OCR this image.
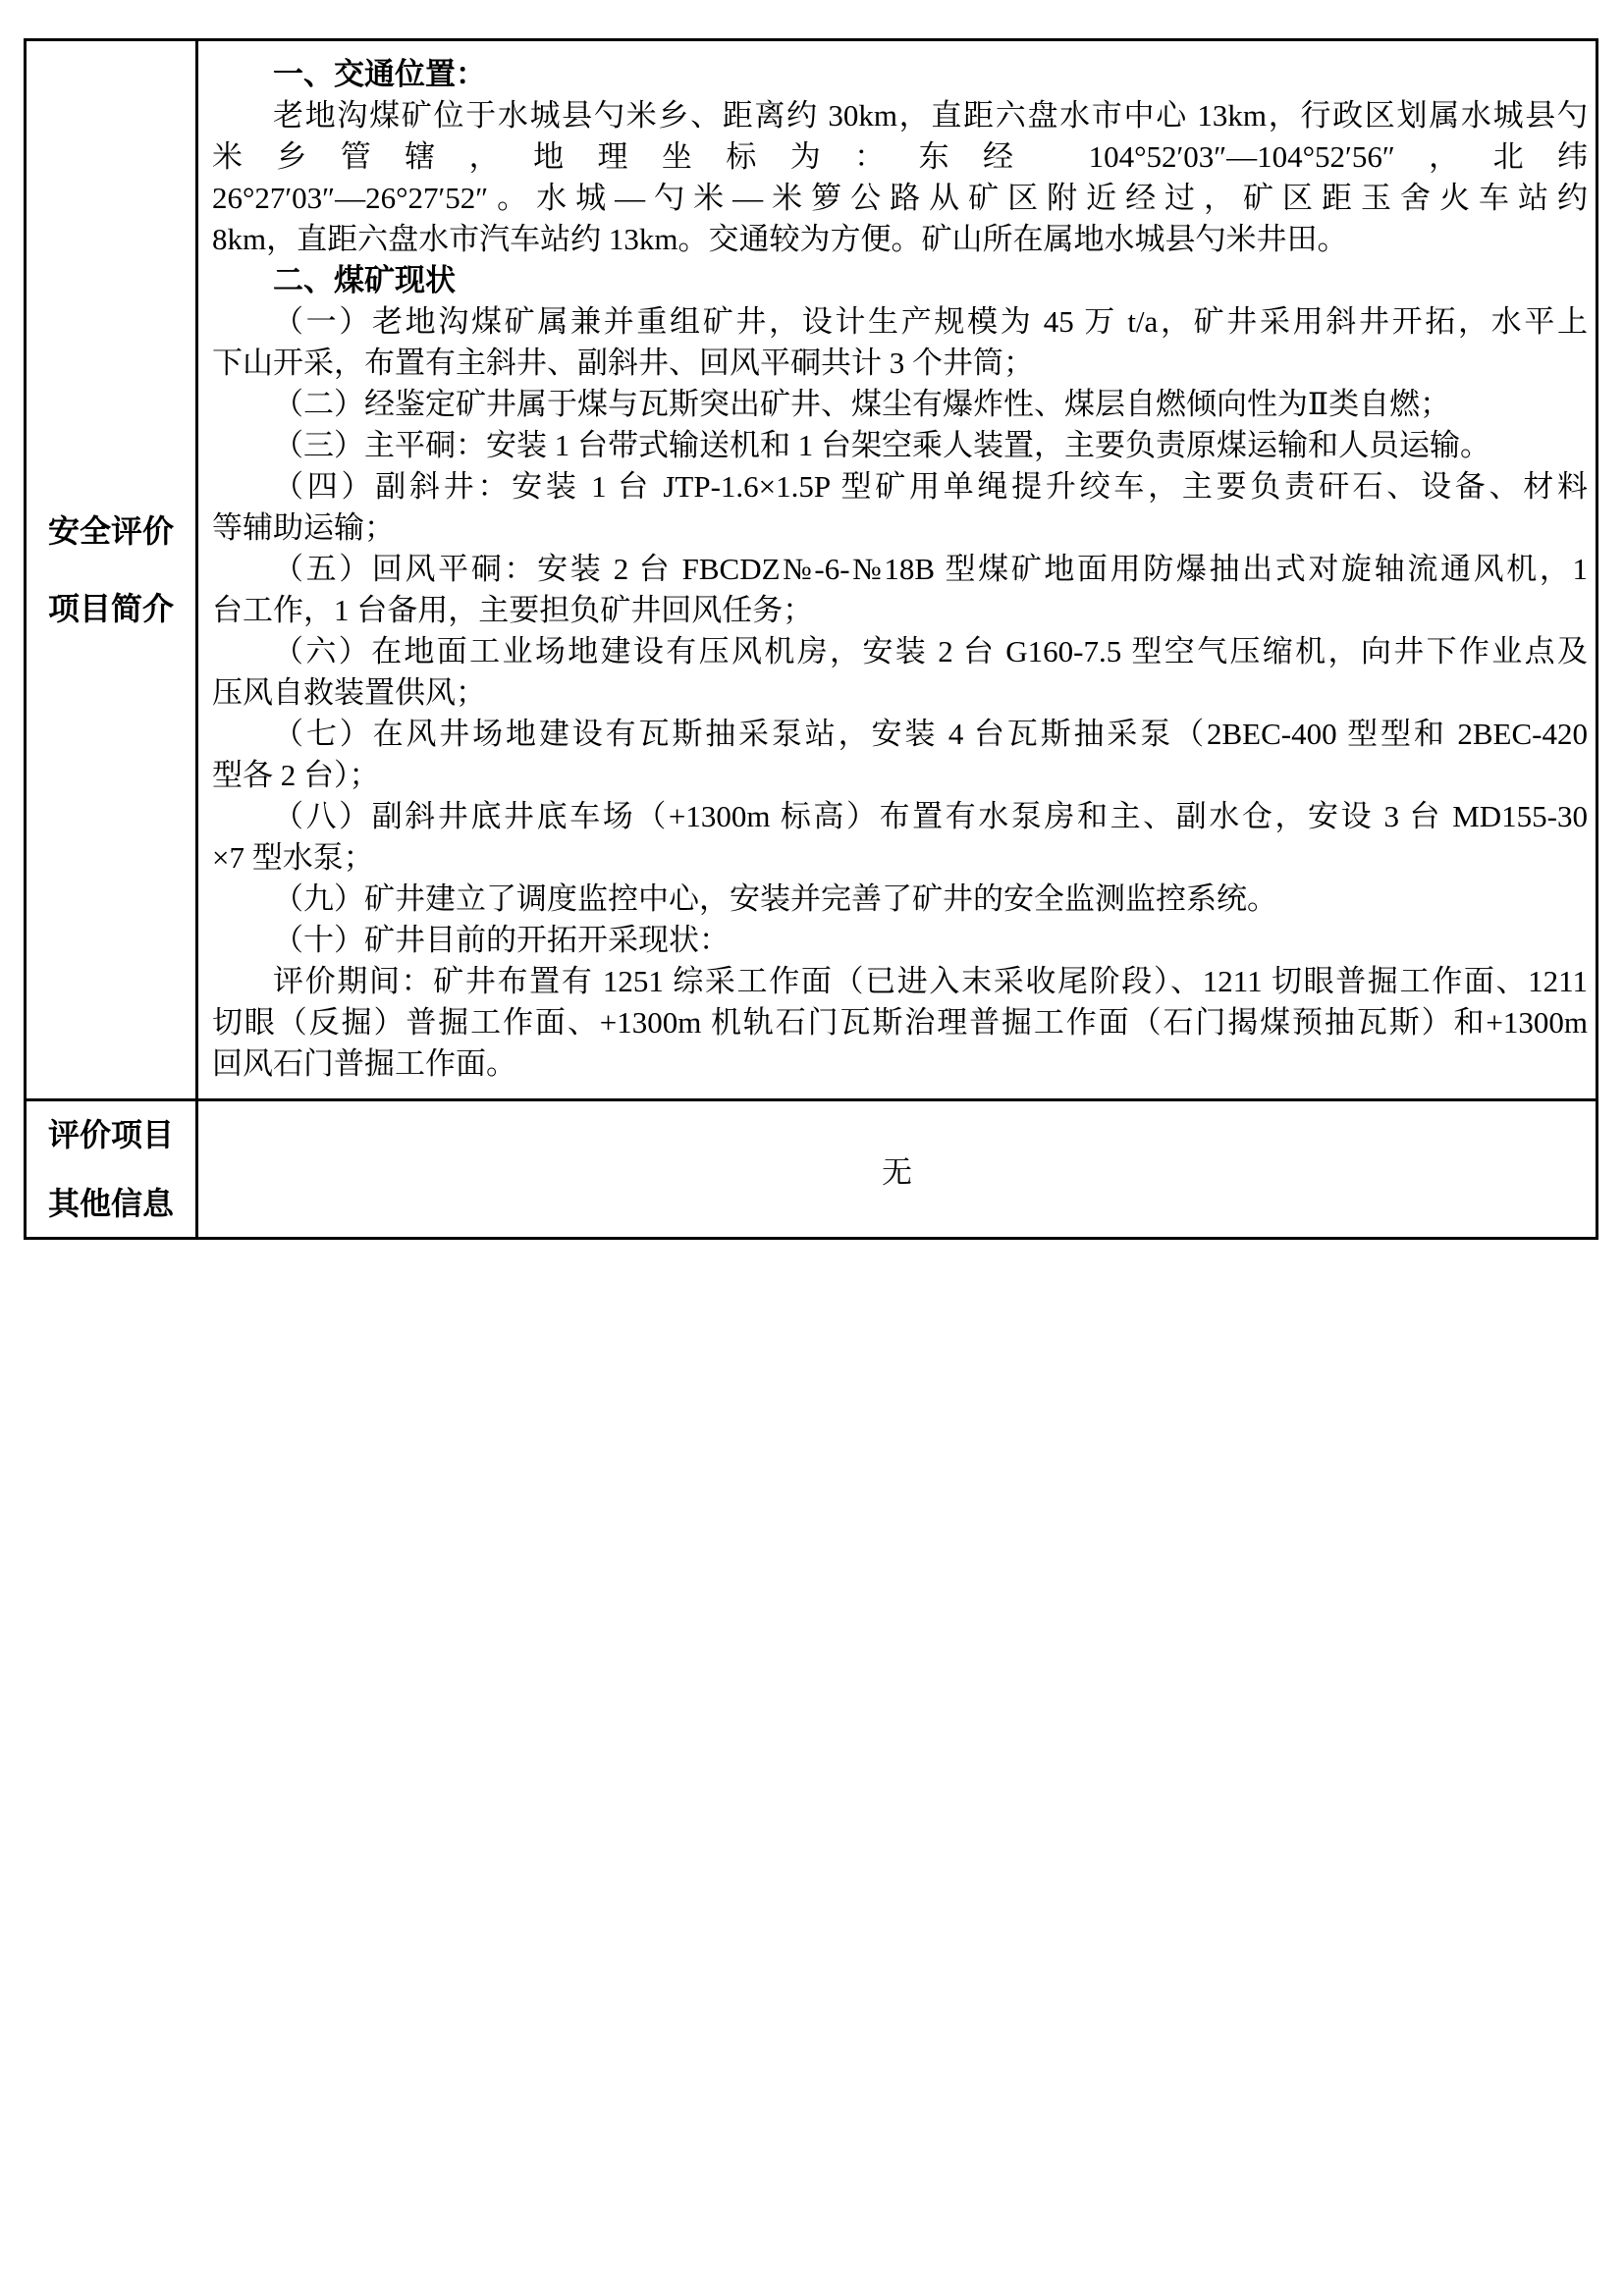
安全评价
项目简介
一、交通位置：
老地沟煤矿位于水城县勺米乡、距离约 30km，直距六盘水市中心 13km，行政区划属水城县勺
米乡管辖，地理坐标为：东经 104°52′03″—104°52′56″，北纬
26°27′03″—26°27′52″。水城—勺米—米箩公路从矿区附近经过，矿区距玉舍火车站约
8km，直距六盘水市汽车站约 13km。交通较为方便。矿山所在属地水城县勺米井田。
二、煤矿现状
（一）老地沟煤矿属兼并重组矿井，设计生产规模为 45 万 t/a，矿井采用斜井开拓，水平上
下山开采，布置有主斜井、副斜井、回风平硐共计 3 个井筒；
（二）经鉴定矿井属于煤与瓦斯突出矿井、煤尘有爆炸性、煤层自燃倾向性为Ⅱ类自燃；
（三）主平硐：安装 1 台带式输送机和 1 台架空乘人装置，主要负责原煤运输和人员运输。
（四）副斜井：安装 1 台 JTP-1.6×1.5P 型矿用单绳提升绞车，主要负责矸石、设备、材料
等辅助运输；
（五）回风平硐：安装 2 台 FBCDZ№-6-№18B 型煤矿地面用防爆抽出式对旋轴流通风机，1
台工作，1 台备用，主要担负矿井回风任务；
（六）在地面工业场地建设有压风机房，安装 2 台 G160-7.5 型空气压缩机，向井下作业点及
压风自救装置供风；
（七）在风井场地建设有瓦斯抽采泵站，安装 4 台瓦斯抽采泵（2BEC-400 型型和 2BEC-420
型各 2 台）；
（八）副斜井底井底车场（+1300m 标高）布置有水泵房和主、副水仓，安设 3 台 MD155-30
×7 型水泵；
（九）矿井建立了调度监控中心，安装并完善了矿井的安全监测监控系统。
（十）矿井目前的开拓开采现状：
评价期间：矿井布置有 1251 综采工作面（已进入末采收尾阶段）、1211 切眼普掘工作面、1211
切眼（反掘）普掘工作面、+1300m 机轨石门瓦斯治理普掘工作面（石门揭煤预抽瓦斯）和+1300m
回风石门普掘工作面。
评价项目
其他信息
无
